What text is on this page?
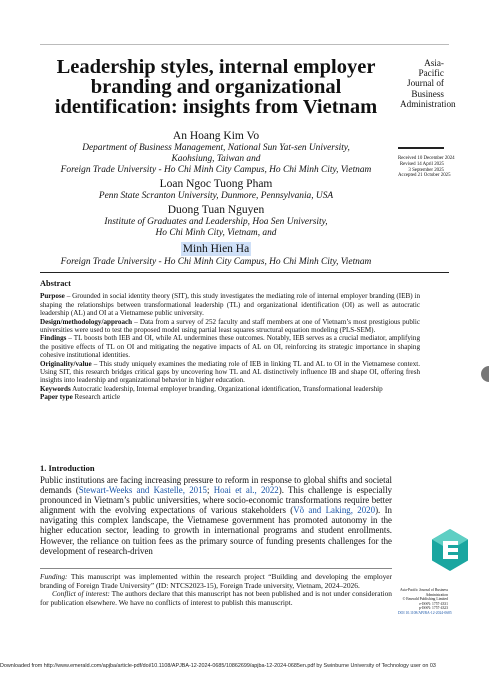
Leadership styles, internal employer branding and organizational identification: insights from Vietnam
An Hoang Kim Vo
Department of Business Management, National Sun Yat-sen University,
Kaohsiung, Taiwan and
Foreign Trade University - Ho Chi Minh City Campus, Ho Chi Minh City, Vietnam
Loan Ngoc Tuong Pham
Penn State Scranton University, Dunmore, Pennsylvania, USA
Duong Tuan Nguyen
Institute of Graduates and Leadership, Hoa Sen University,
Ho Chi Minh City, Vietnam, and
Minh Hien Ha
Foreign Trade University - Ho Chi Minh City Campus, Ho Chi Minh City, Vietnam
Asia-Pacific
Journal of
Business
Administration
Received 10 December 2024
Revised 14 April 2025
3 September 2025
Accepted 21 October 2025
Abstract

Purpose – Grounded in social identity theory (SIT), this study investigates the mediating role of internal employer branding (IEB) in shaping the relationships between transformational leadership (TL) and organizational identification (OI) as well as autocratic leadership (AL) and OI at a Vietnamese public university.

Design/methodology/approach – Data from a survey of 252 faculty and staff members at one of Vietnam’s most prestigious public universities were used to test the proposed model using partial least squares structural equation modeling (PLS-SEM).

Findings – TL boosts both IEB and OI, while AL undermines these outcomes. Notably, IEB serves as a crucial mediator, amplifying the positive effects of TL on OI and mitigating the negative impacts of AL on OI, reinforcing its strategic importance in shaping cohesive institutional identities.

Originality/value – This study uniquely examines the mediating role of IEB in linking TL and AL to OI in the Vietnamese context. Using SIT, this research bridges critical gaps by uncovering how TL and AL distinctively influence IB and shape OI, offering fresh insights into leadership and organizational behavior in higher education.

Keywords Autocratic leadership, Internal employer branding, Organizational identification, Transformational leadership

Paper type Research article

1. Introduction
Public institutions are facing increasing pressure to reform in response to global shifts and societal demands (Stewart-Weeks and Kastelle, 2015; Hoai et al., 2022). This challenge is especially pronounced in Vietnam’s public universities, where socio-economic transformations require better alignment with the evolving expectations of various stakeholders (Võ and Laking, 2020). In navigating this complex landscape, the Vietnamese government has promoted autonomy in the higher education sector, leading to growth in international programs and student enrollments. However, the reliance on tuition fees as the primary source of funding presents challenges for the development of research-driven

Funding: This manuscript was implemented within the research project “Building and developing the employer branding of Foreign Trade University” (ID: NTCS2023-15), Foreign Trade university, Vietnam, 2024–2026.

Conflict of interest: The authors declare that this manuscript has not been published and is not under consideration for publication elsewhere. We have no conflicts of interest to publish this manuscript.

Asia-Pacific Journal of Business
Administration
© Emerald Publishing Limited
e-ISSN: 1757-4331
p-ISSN: 1757-4323
DOI 10.1108/APJBA-12-2024-0685
Downloaded from http://www.emerald.com/apjba/article-pdf/doi/10.1108/APJBA-12-2024-0685/10862699/apjba-12-2024-0685en.pdf by Swinburne University of Technology user on 03
